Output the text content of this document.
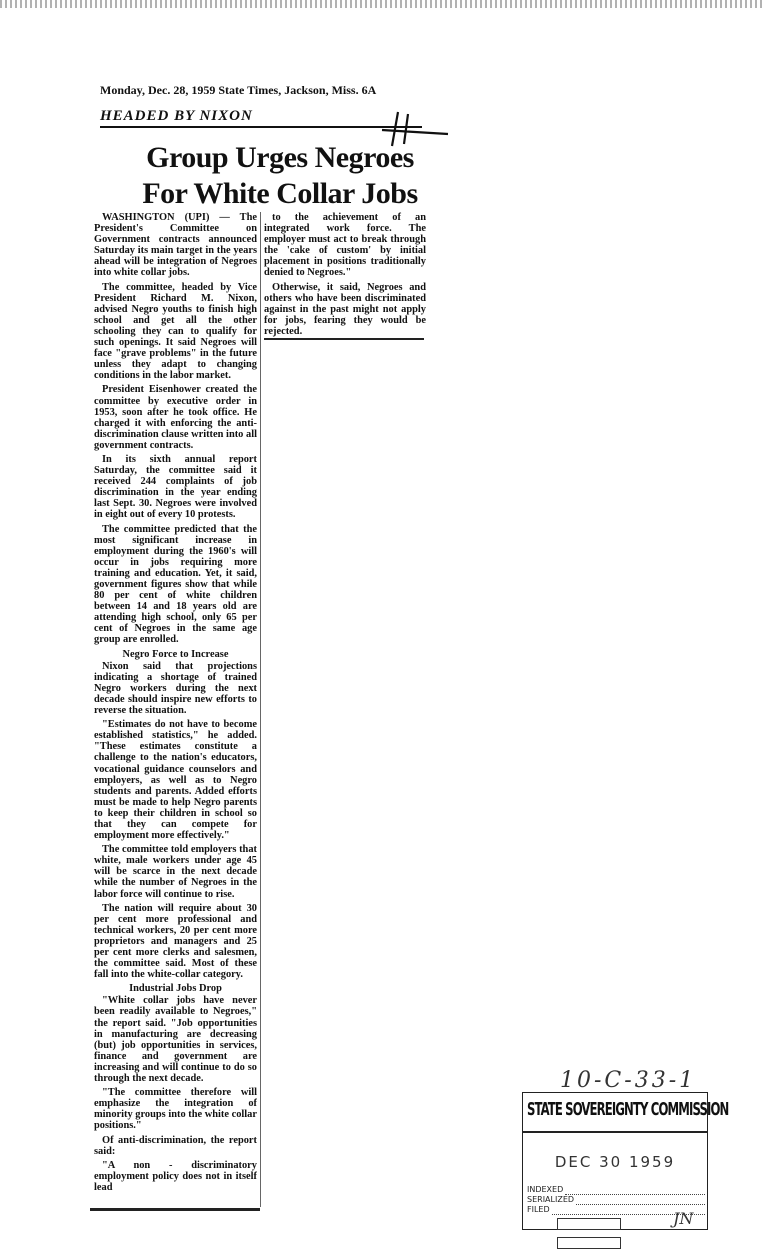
Monday, Dec. 28, 1959 State Times, Jackson, Miss. 6A
HEADED BY NIXON
Group Urges Negroes
For White Collar Jobs

WASHINGTON (UPI) — The President's Committee on Government contracts announced Saturday its main target in the years ahead will be integration of Negroes into white collar jobs.

The committee, headed by Vice President Richard M. Nixon, advised Negro youths to finish high school and get all the other schooling they can to qualify for such openings. It said Negroes will face "grave problems" in the future unless they adapt to changing conditions in the labor market.

President Eisenhower created the committee by executive order in 1953, soon after he took office. He charged it with enforcing the anti-discrimination clause written into all government contracts.

In its sixth annual report Saturday, the committee said it received 244 complaints of job discrimination in the year ending last Sept. 30. Negroes were involved in eight out of every 10 protests.

The committee predicted that the most significant increase in employment during the 1960's will occur in jobs requiring more training and education. Yet, it said, government figures show that while 80 per cent of white children between 14 and 18 years old are attending high school, only 65 per cent of Negroes in the same age group are enrolled.

Negro Force to Increase

Nixon said that projections indicating a shortage of trained Negro workers during the next decade should inspire new efforts to reverse the situation.

"Estimates do not have to become established statistics," he added. "These estimates constitute a challenge to the nation's educators, vocational guidance counselors and employers, as well as to Negro students and parents. Added efforts must be made to help Negro parents to keep their children in school so that they can compete for employment more effectively."

The committee told employers that white, male workers under age 45 will be scarce in the next decade while the number of Negroes in the labor force will continue to rise.

The nation will require about 30 per cent more professional and technical workers, 20 per cent more proprietors and managers and 25 per cent more clerks and salesmen, the committee said. Most of these fall into the white-collar category.

Industrial Jobs Drop

"White collar jobs have never been readily available to Negroes," the report said. "Job opportunities in manufacturing are decreasing (but) job opportunities in services, finance and government are increasing and will continue to do so through the next decade.

"The committee therefore will emphasize the integration of minority groups into the white collar positions."

Of anti-discrimination, the report said:

"A non - discriminatory employment policy does not in itself lead

to the achievement of an integrated work force. The employer must act to break through the 'cake of custom' by initial placement in positions traditionally denied to Negroes."

Otherwise, it said, Negroes and others who have been discriminated against in the past might not apply for jobs, fearing they would be rejected.

10-C-33-1
STATE SOVEREIGNTY COMMISSION
DEC 30 1959
INDEXED
SERIALIZED
FILED	JN
